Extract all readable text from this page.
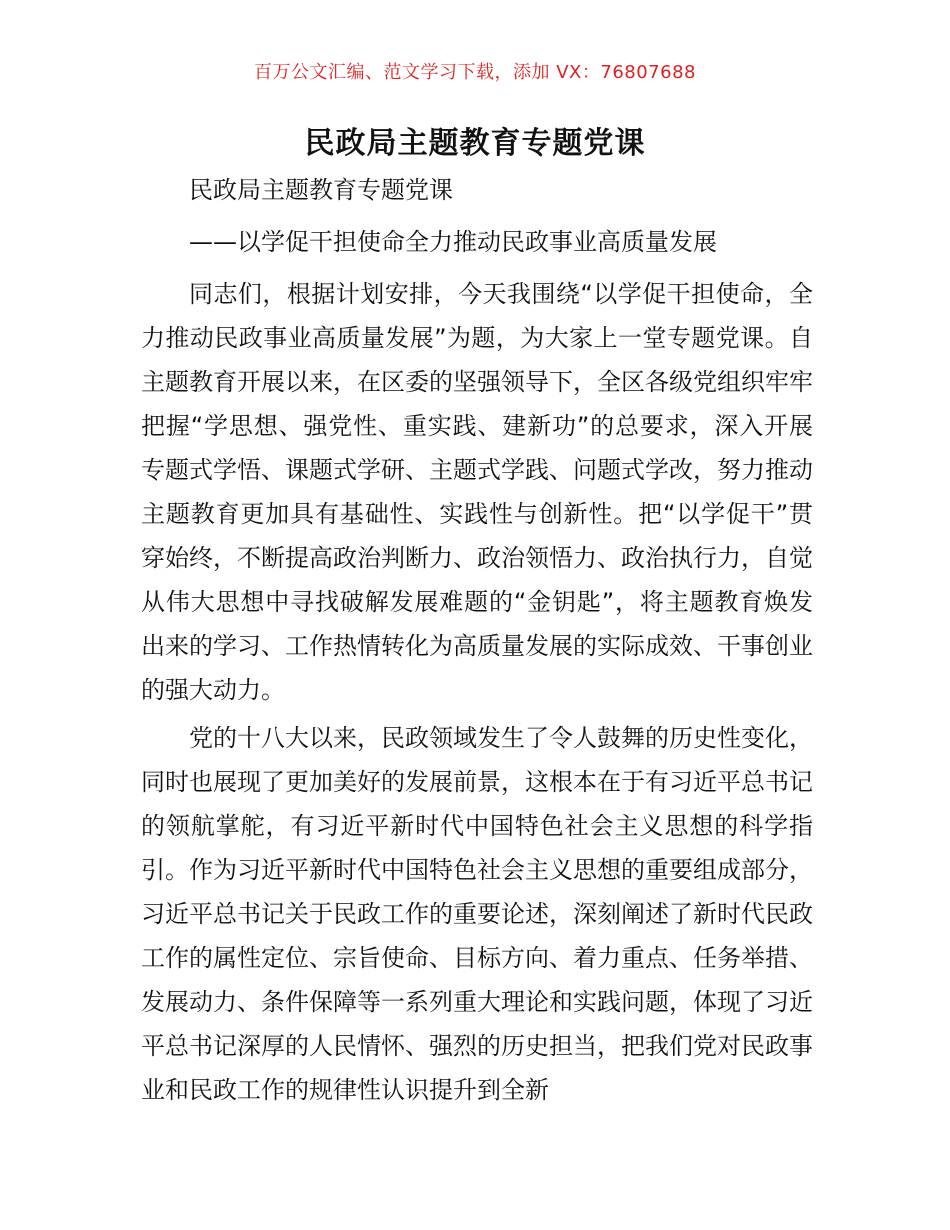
百万公文汇编、范文学习下载，添加 VX：76807688
民政局主题教育专题党课

民政局主题教育专题党课

——以学促干担使命全力推动民政事业高质量发展

同志们，根据计划安排，今天我围绕“以学促干担使命，全力推动民政事业高质量发展”为题，为大家上一堂专题党课。自主题教育开展以来，在区委的坚强领导下，全区各级党组织牢牢把握“学思想、强党性、重实践、建新功”的总要求，深入开展专题式学悟、课题式学研、主题式学践、问题式学改，努力推动主题教育更加具有基础性、实践性与创新性。把“以学促干”贯穿始终，不断提高政治判断力、政治领悟力、政治执行力，自觉从伟大思想中寻找破解发展难题的“金钥匙”，将主题教育焕发出来的学习、工作热情转化为高质量发展的实际成效、干事创业的强大动力。

党的十八大以来，民政领域发生了令人鼓舞的历史性变化，同时也展现了更加美好的发展前景，这根本在于有习近平总书记的领航掌舵，有习近平新时代中国特色社会主义思想的科学指引。作为习近平新时代中国特色社会主义思想的重要组成部分，习近平总书记关于民政工作的重要论述，深刻阐述了新时代民政工作的属性定位、宗旨使命、目标方向、着力重点、任务举措、发展动力、条件保障等一系列重大理论和实践问题，体现了习近平总书记深厚的人民情怀、强烈的历史担当，把我们党对民政事业和民政工作的规律性认识提升到全新
